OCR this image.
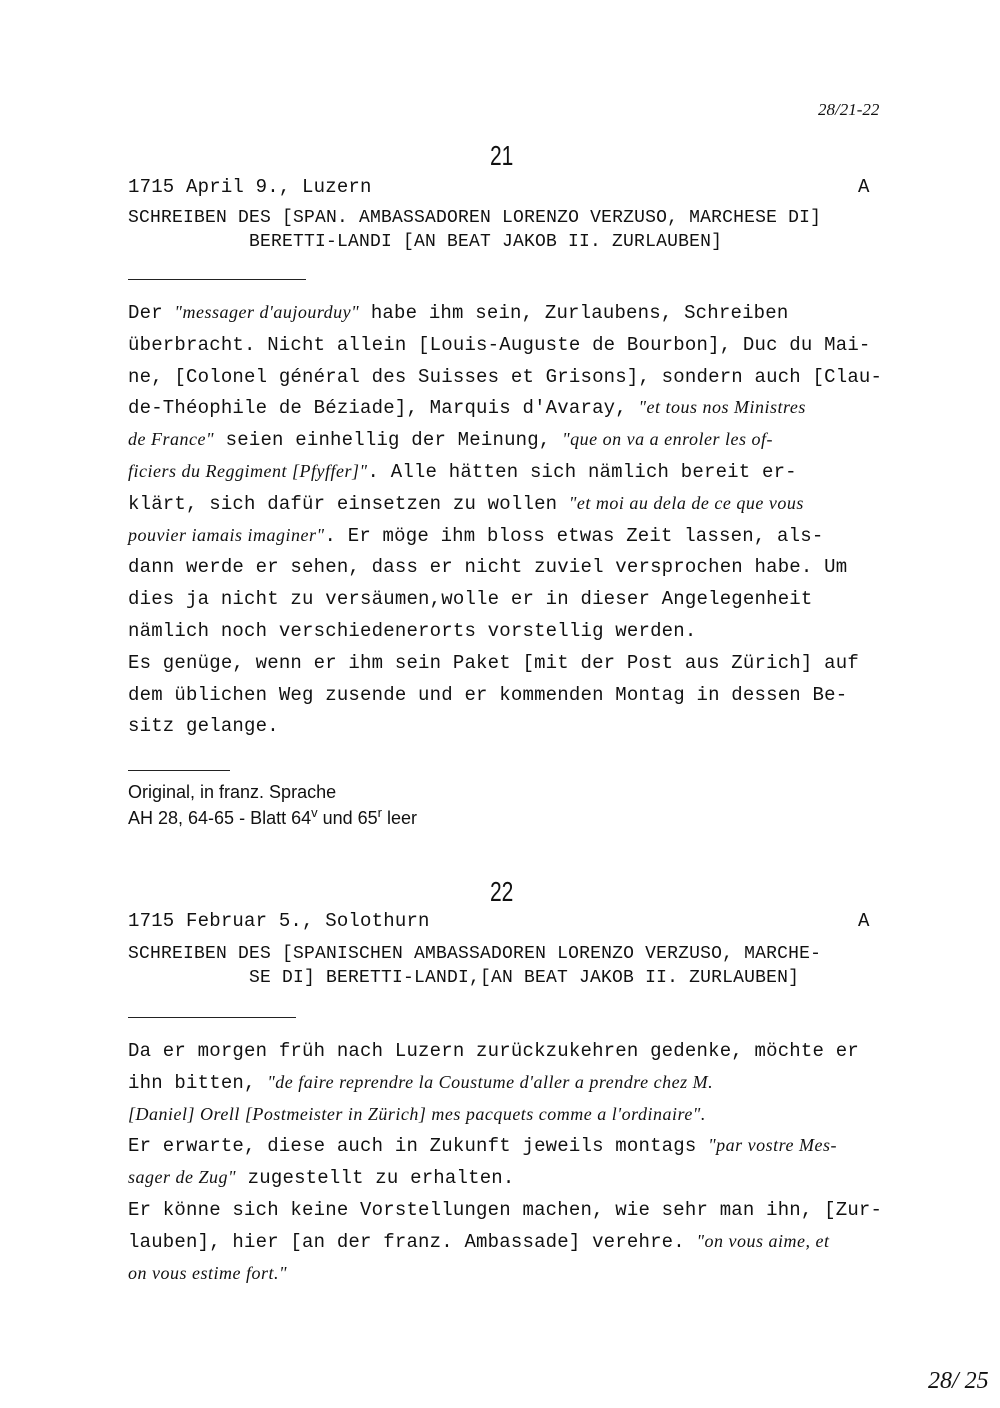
28/21-22
21
1715 April 9., Luzern	A
SCHREIBEN DES [SPAN. AMBASSADOREN LORENZO VERZUSO, MARCHESE DI]
BERETTI-LANDI [AN BEAT JAKOB II. ZURLAUBEN]
Der "messager d'aujourduy" habe ihm sein, Zurlaubens, Schreiben
überbracht. Nicht allein [Louis-Auguste de Bourbon], Duc du Mai-
ne, [Colonel général des Suisses et Grisons], sondern auch [Clau-
de-Théophile de Béziade], Marquis d'Avaray, "et tous nos Ministres
de France" seien einhellig der Meinung, "que on va a enroler les of-
ficiers du Reggiment [Pfyffer]". Alle hätten sich nämlich bereit er-
klärt, sich dafür einsetzen zu wollen "et moi au dela de ce que vous
pouvier iamais imaginer". Er möge ihm bloss etwas Zeit lassen, als-
dann werde er sehen, dass er nicht zuviel versprochen habe. Um
dies ja nicht zu versäumen,wolle er in dieser Angelegenheit
nämlich noch verschiedenerorts vorstellig werden.
Es genüge, wenn er ihm sein Paket [mit der Post aus Zürich] auf
dem üblichen Weg zusende und er kommenden Montag in dessen Be-
sitz gelange.
Original, in franz. Sprache
AH 28, 64-65 - Blatt 64$^v$ und 65$^r$ leer
22
1715 Februar 5., Solothurn	A
SCHREIBEN DES [SPANISCHEN AMBASSADOREN LORENZO VERZUSO, MARCHE-
SE DI] BERETTI-LANDI,[AN BEAT JAKOB II. ZURLAUBEN]
Da er morgen früh nach Luzern zurückzukehren gedenke, möchte er
ihn bitten, "de faire reprendre la Coustume d'aller a prendre chez M.
[Daniel] Orell [Postmeister in Zürich] mes pacquets comme a l'ordinaire".
Er erwarte, diese auch in Zukunft jeweils montags "par vostre Mes-
sager de Zug" zugestellt zu erhalten.
Er könne sich keine Vorstellungen machen, wie sehr man ihn, [Zur-
lauben], hier [an der franz. Ambassade] verehre. "on vous aime, et
on vous estime fort."
28/ 25
